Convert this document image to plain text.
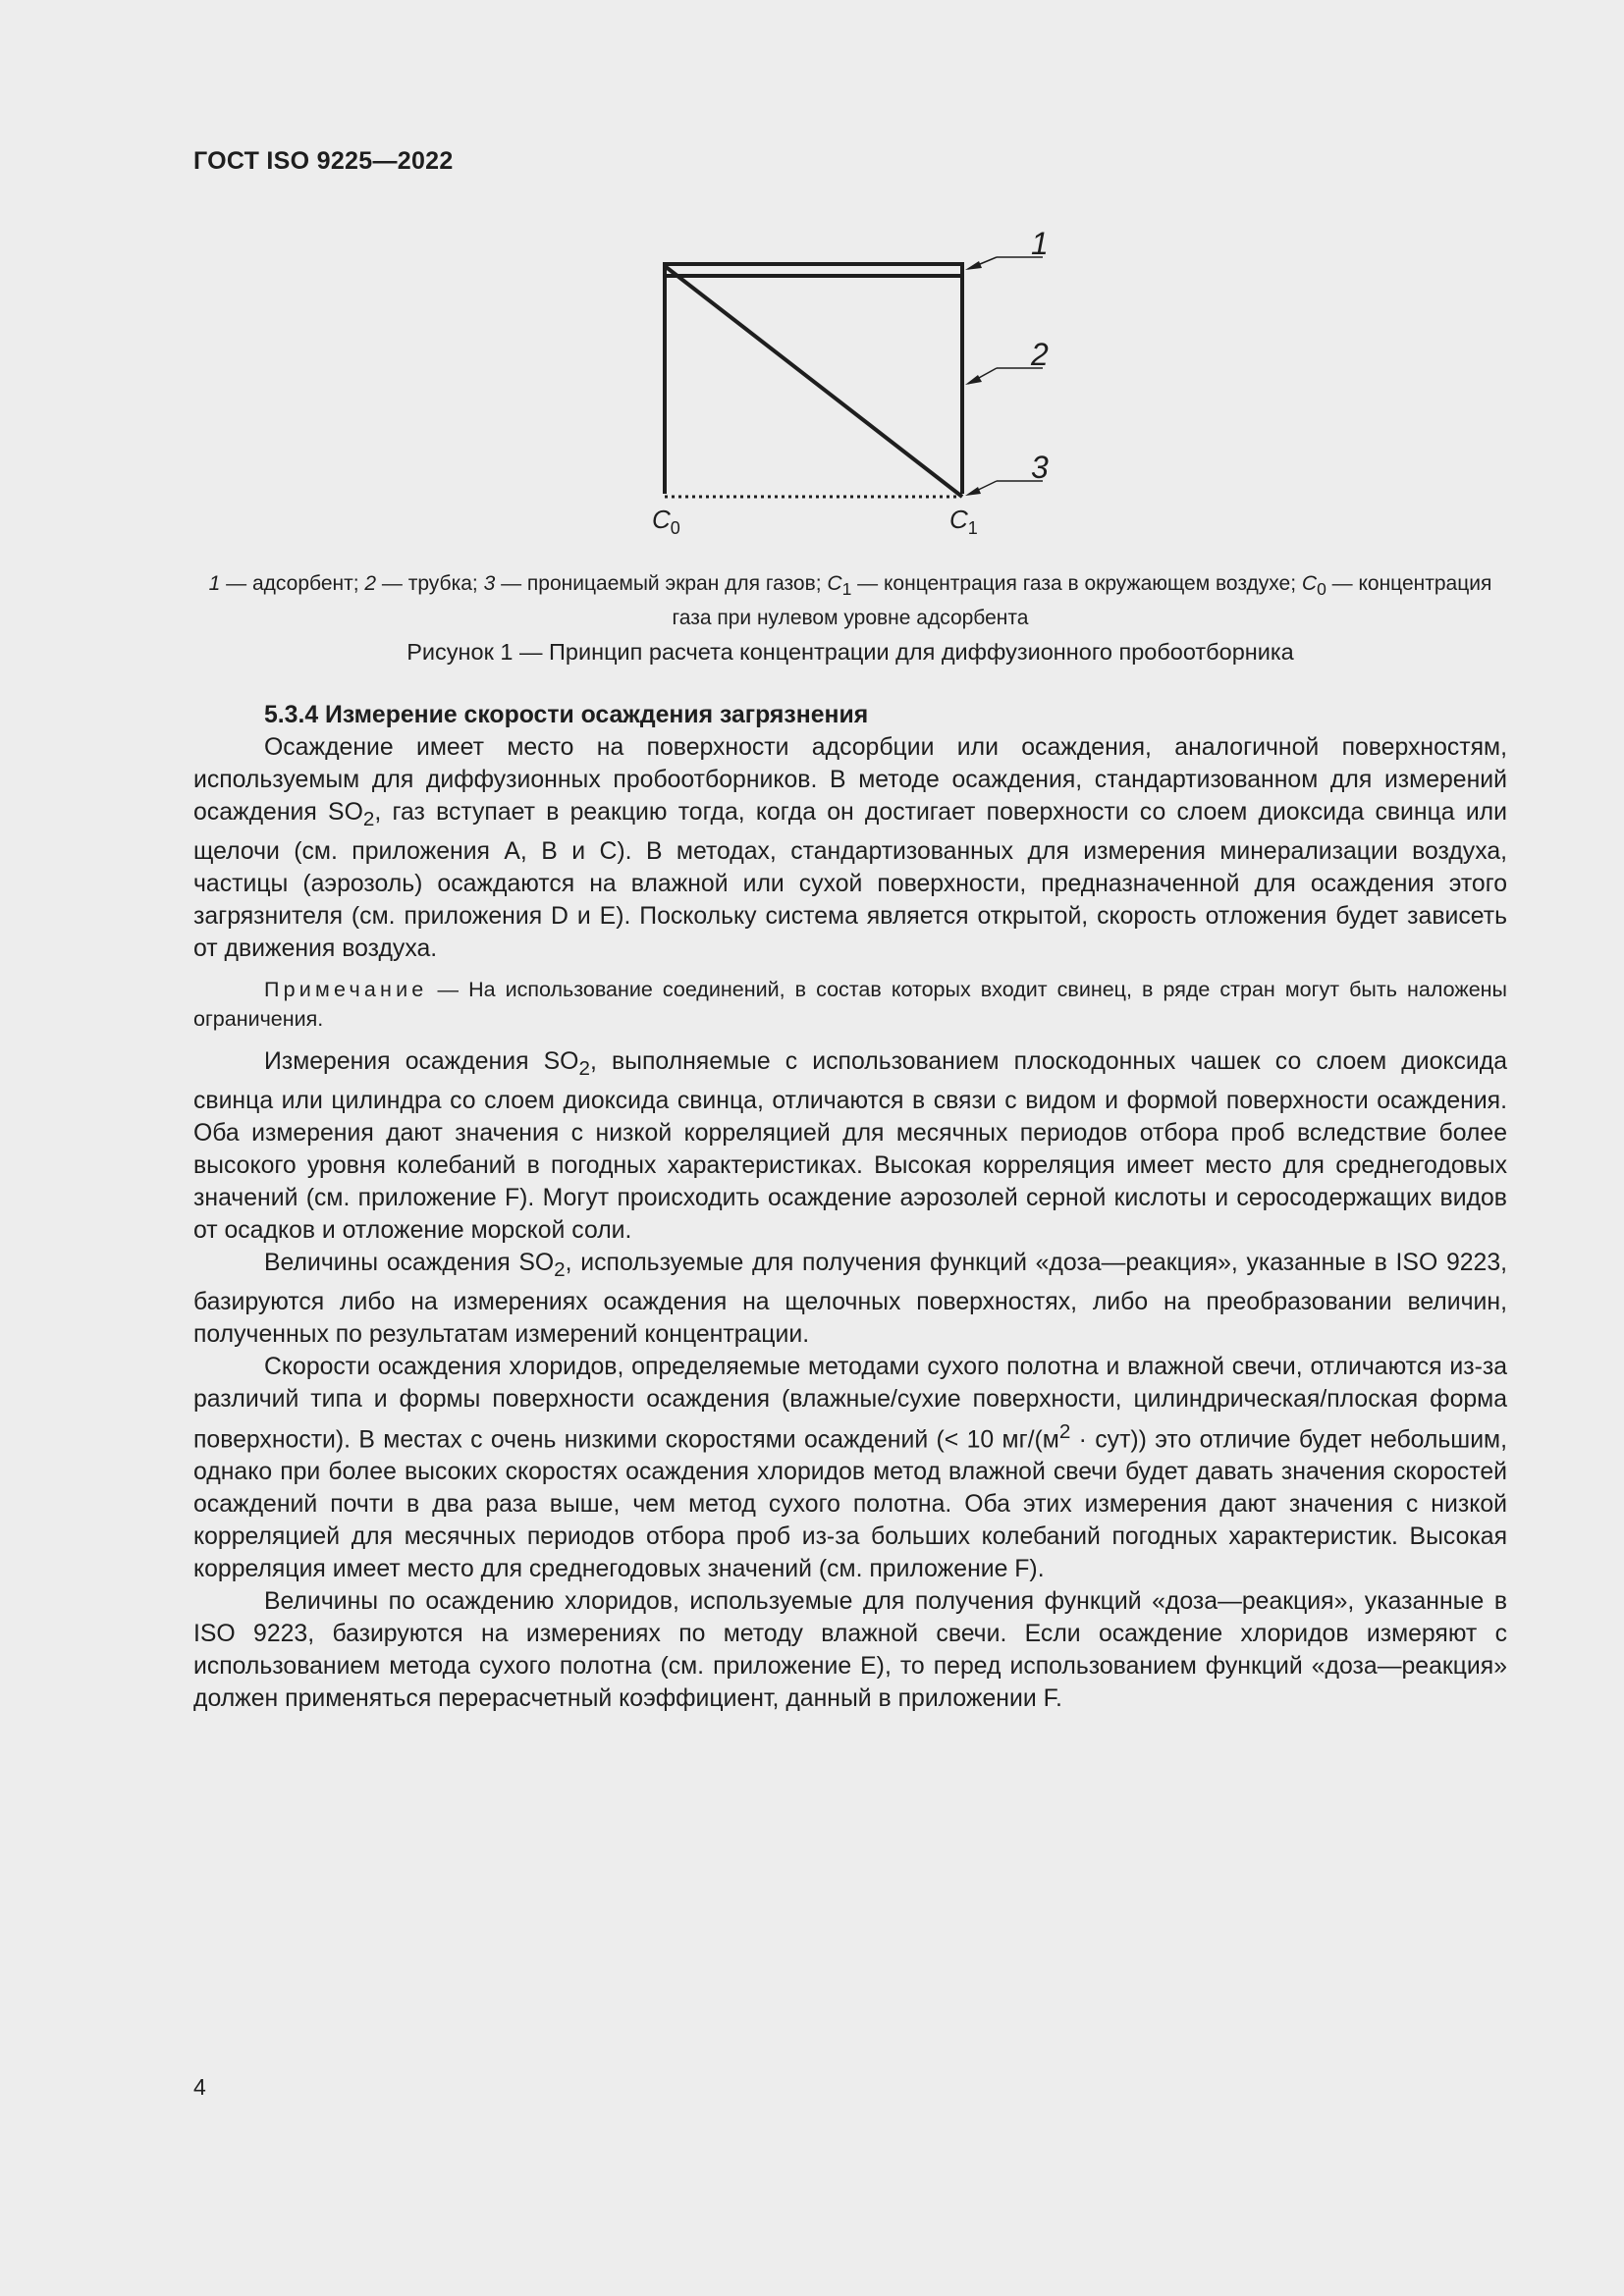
ГОСТ ISO 9225—2022
1
2
3
$C_0$	$C_1$
1 — адсорбент; 2 — трубка; 3 — проницаемый экран для газов; $C_1$ — концентрация газа в окружающем воздухе; $C_0$ — концентрация газа при нулевом уровне адсорбента
Рисунок 1 — Принцип расчета концентрации для диффузионного пробоотборника
5.3.4 Измерение скорости осаждения загрязнения

Осаждение имеет место на поверхности адсорбции или осаждения, аналогичной поверхностям, используемым для диффузионных пробоотборников. В методе осаждения, стандартизованном для измерений осаждения $SO_2$, газ вступает в реакцию тогда, когда он достигает поверхности со слоем диоксида свинца или щелочи (см. приложения А, В и С). В методах, стандартизованных для измерения минерализации воздуха, частицы (аэрозоль) осаждаются на влажной или сухой поверхности, предназначенной для осаждения этого загрязнителя (см. приложения D и Е). Поскольку система является открытой, скорость отложения будет зависеть от движения воздуха.

Примечание — На использование соединений, в состав которых входит свинец, в ряде стран могут быть наложены ограничения.

Измерения осаждения $SO_2$, выполняемые с использованием плоскодонных чашек со слоем диоксида свинца или цилиндра со слоем диоксида свинца, отличаются в связи с видом и формой поверхности осаждения. Оба измерения дают значения с низкой корреляцией для месячных периодов отбора проб вследствие более высокого уровня колебаний в погодных характеристиках. Высокая корреляция имеет место для среднегодовых значений (см. приложение F). Могут происходить осаждение аэрозолей серной кислоты и серосодержащих видов от осадков и отложение морской соли.

Величины осаждения $SO_2$, используемые для получения функций «доза—реакция», указанные в ISO 9223, базируются либо на измерениях осаждения на щелочных поверхностях, либо на преобразовании величин, полученных по результатам измерений концентрации.

Скорости осаждения хлоридов, определяемые методами сухого полотна и влажной свечи, отличаются из-за различий типа и формы поверхности осаждения (влажные/сухие поверхности, цилиндрическая/плоская форма поверхности). В местах с очень низкими скоростями осаждений (< 10 $мг/(м^2 \cdot сут)$) это отличие будет небольшим, однако при более высоких скоростях осаждения хлоридов метод влажной свечи будет давать значения скоростей осаждений почти в два раза выше, чем метод сухого полотна. Оба этих измерения дают значения с низкой корреляцией для месячных периодов отбора проб из-за больших колебаний погодных характеристик. Высокая корреляция имеет место для среднегодовых значений (см. приложение F).

Величины по осаждению хлоридов, используемые для получения функций «доза—реакция», указанные в ISO 9223, базируются на измерениях по методу влажной свечи. Если осаждение хлоридов измеряют с использованием метода сухого полотна (см. приложение Е), то перед использованием функций «доза—реакция» должен применяться перерасчетный коэффициент, данный в приложении F.

4
